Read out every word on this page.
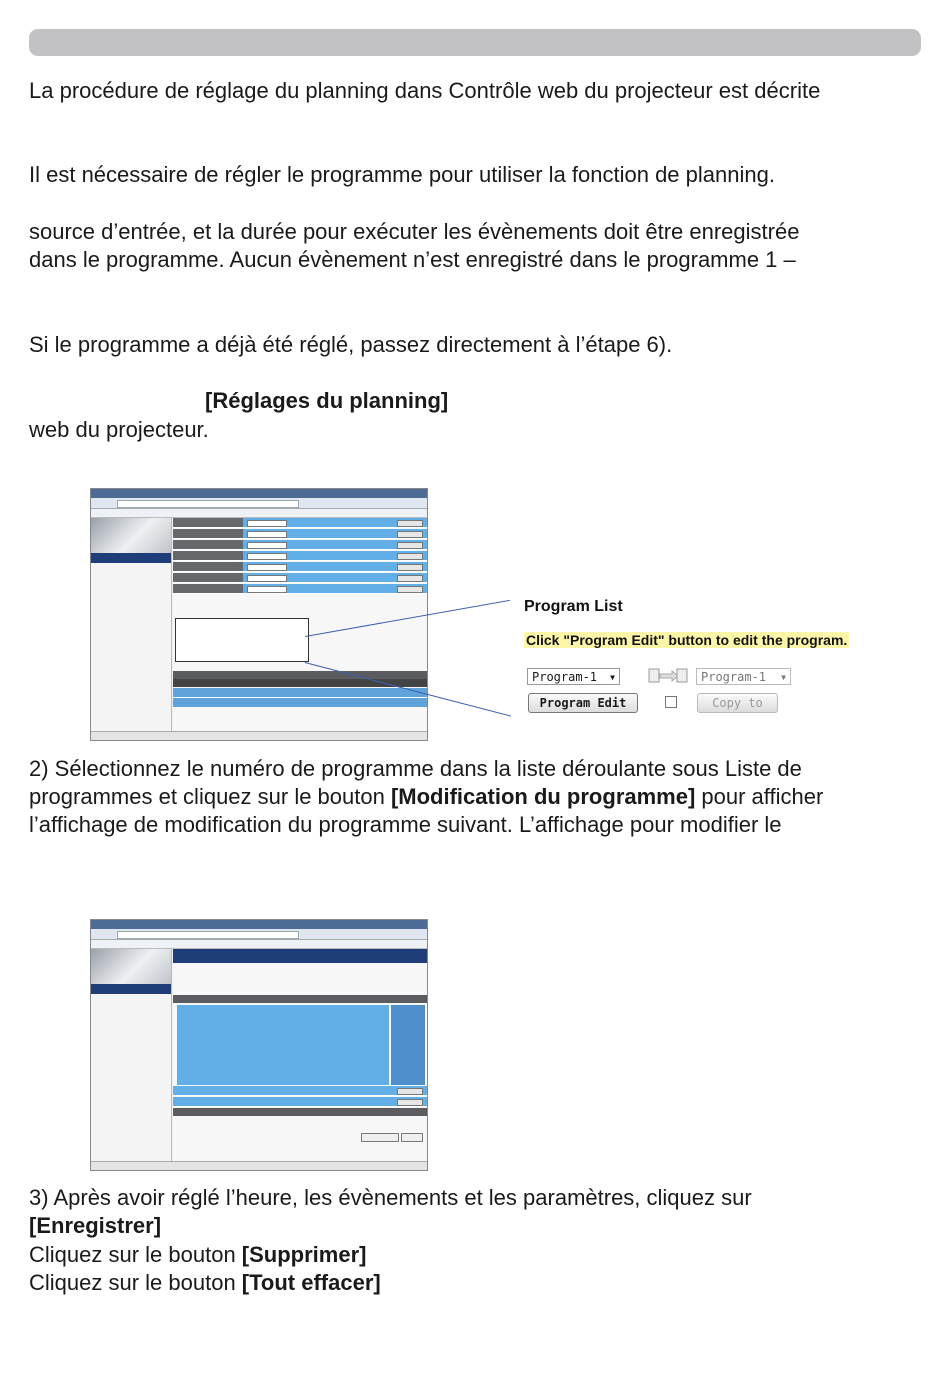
La procédure de réglage du planning dans Contrôle web du projecteur est décrite

Il est nécessaire de régler le programme pour utiliser la fonction de planning.

source d’entrée, et la durée pour exécuter les évènements doit être enregistrée

dans le programme. Aucun évènement n’est enregistré dans le programme 1 –

Si le programme a déjà été réglé, passez directement à l’étape 6).

[Réglages du planning]

web du projecteur.

Program List
Click "Program Edit" button to edit the program.
Program-1 ▼
Program Edit
Program-1 ▼
Copy to

2) Sélectionnez le numéro de programme dans la liste déroulante sous Liste de

programmes et cliquez sur le bouton [Modification du programme] pour afficher

l’affichage de modification du programme suivant. L’affichage pour modifier le

3) Après avoir réglé l’heure, les évènements et les paramètres, cliquez sur

[Enregistrer]

Cliquez sur le bouton [Supprimer]

Cliquez sur le bouton [Tout effacer]
